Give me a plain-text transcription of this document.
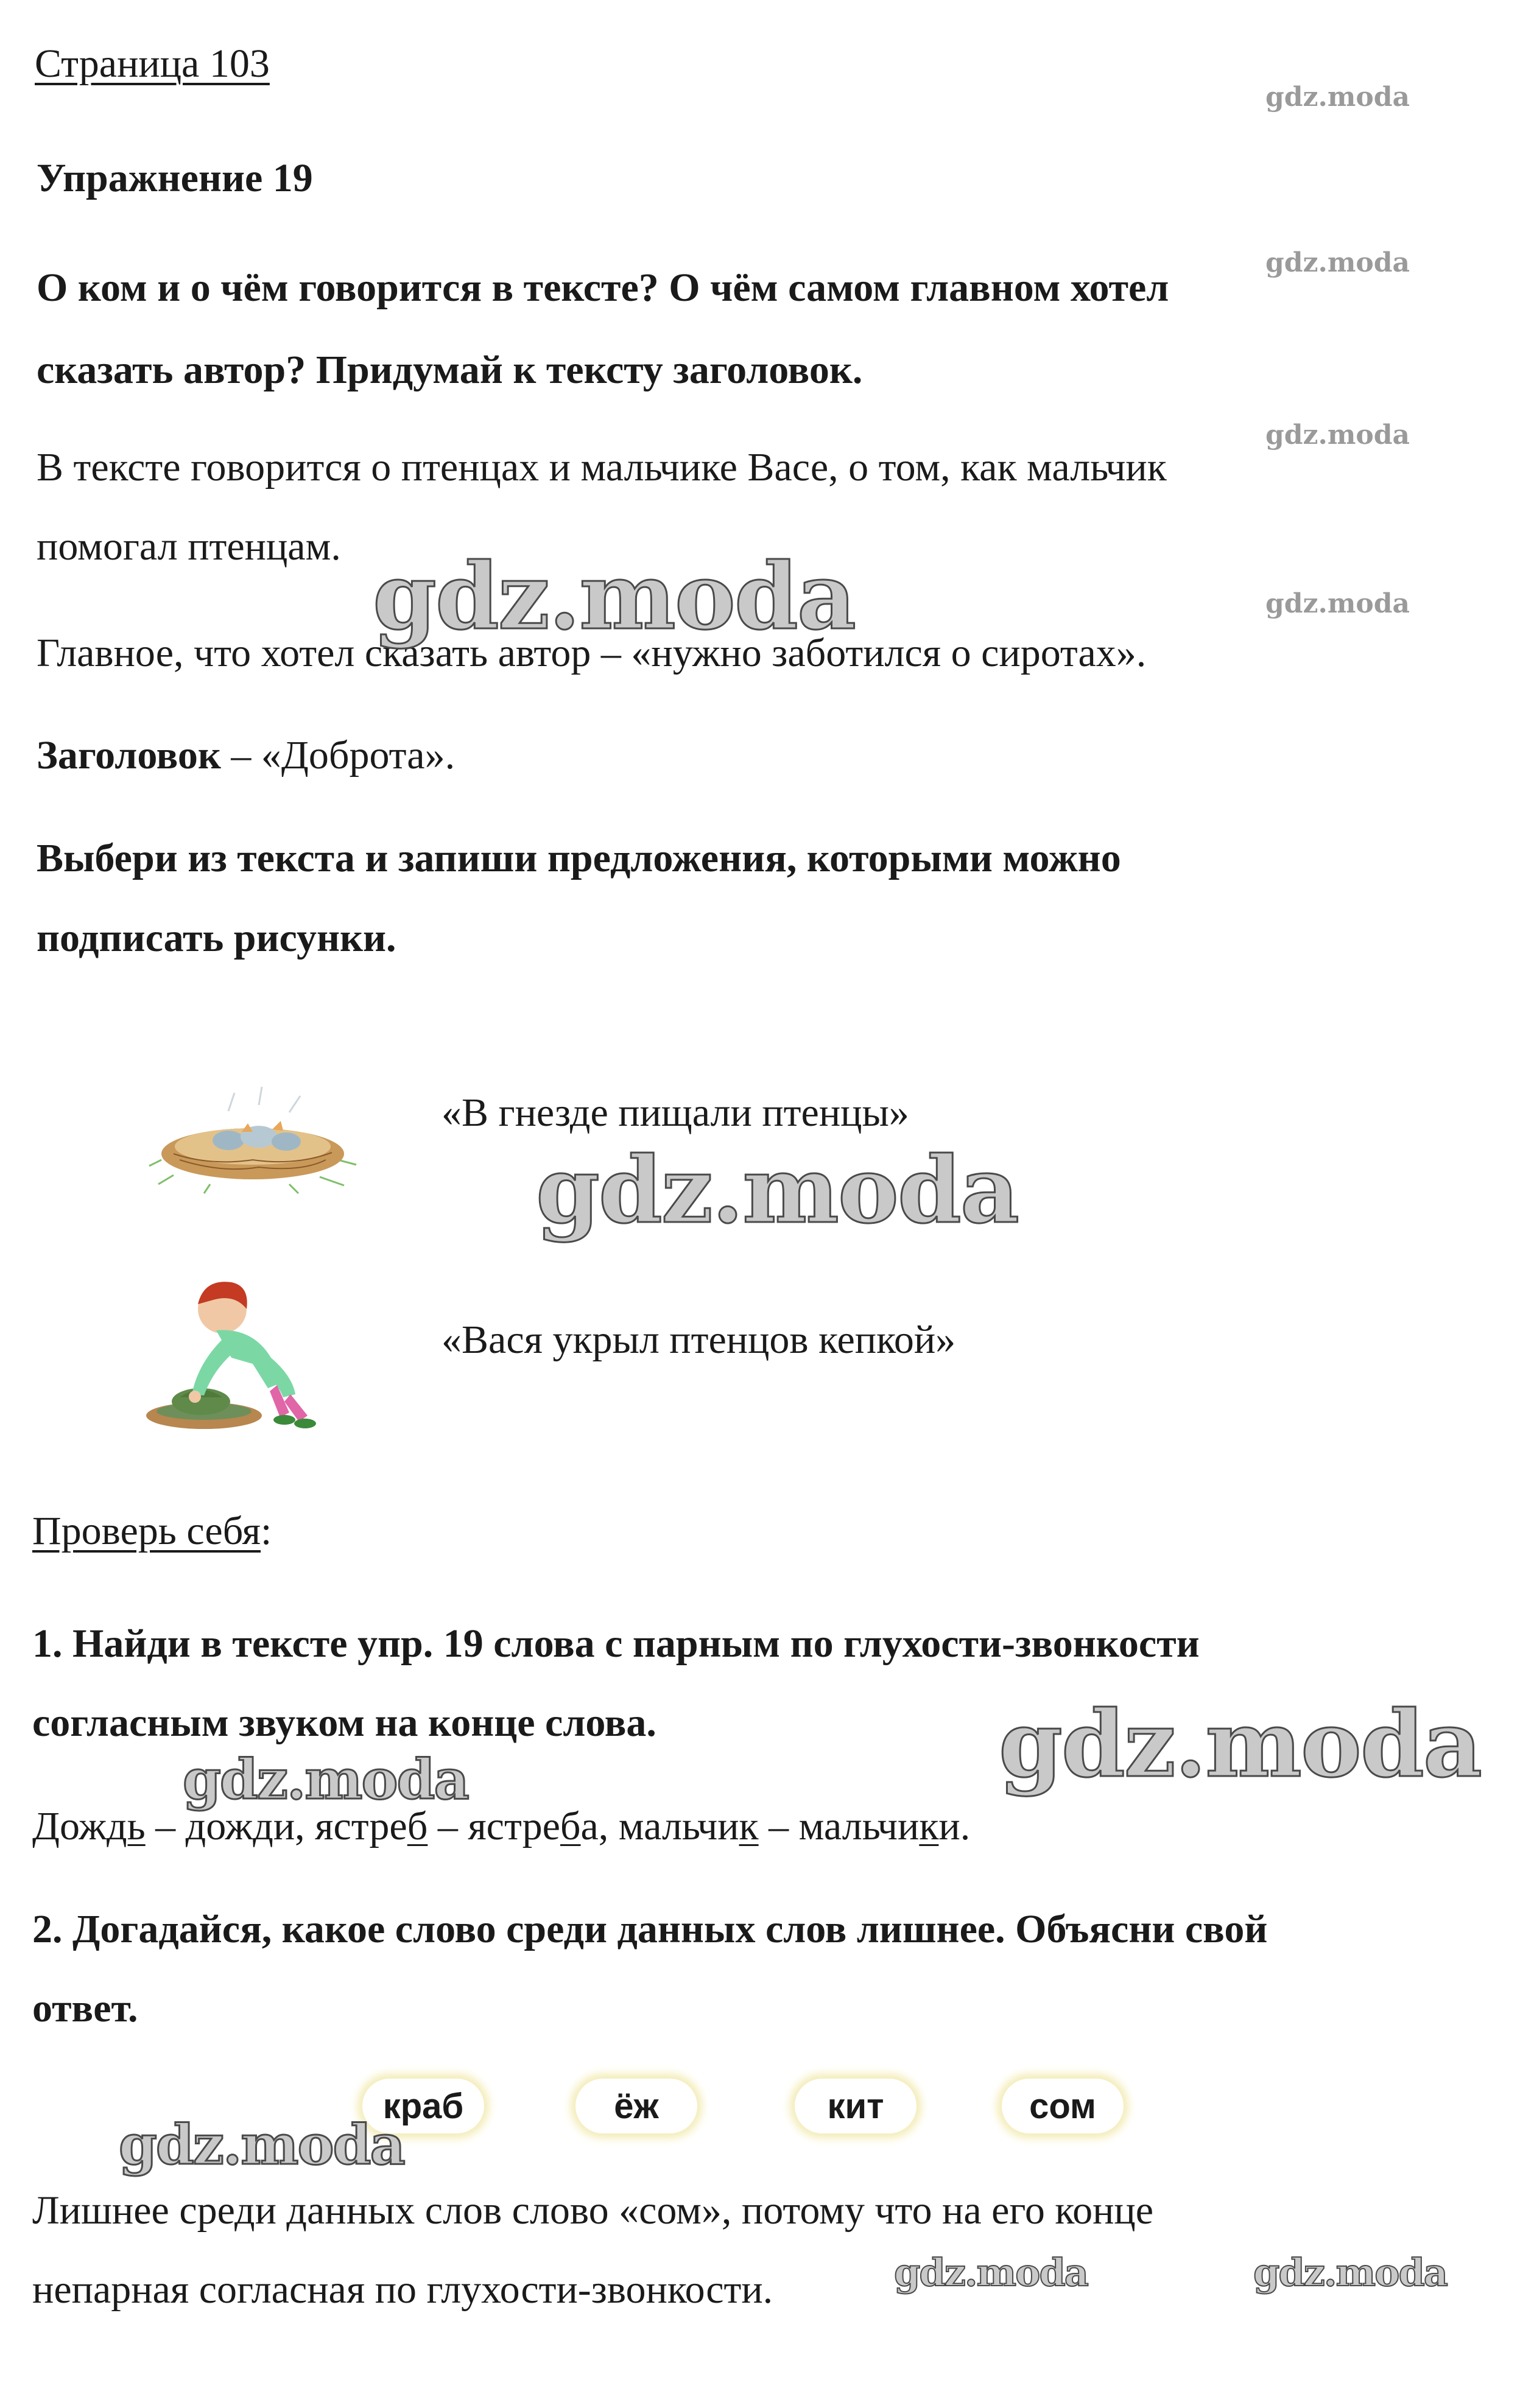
Страница 103
Упражнение 19
О ком и о чём говорится в тексте? О чём самом главном хотел
сказать автор? Придумай к тексту заголовок.
В тексте говорится о птенцах и мальчике Васе, о том, как мальчик
помогал птенцам.
Главное, что хотел сказать автор – «нужно заботился о сиротах».
Заголовок – «Доброта».
Выбери из текста и запиши предложения, которыми можно
подписать рисунки.
«В гнезде пищали птенцы»
«Вася укрыл птенцов кепкой»
Проверь себя:
1. Найди в тексте упр. 19 слова с парным по глухости-звонкости
согласным звуком на конце слова.
Дождь – дожди, ястреб – ястреба, мальчик – мальчики.
2. Догадайся, какое слово среди данных слов лишнее. Объясни свой
ответ.
краб	ёж	кит	сом
Лишнее среди данных слов слово «сом», потому что на его конце
непарная согласная по глухости-звонкости.
gdz.moda
gdz.moda
gdz.moda
gdz.moda
gdz.moda
gdz.moda
gdz.moda
gdz.moda
gdz.moda
gdz.moda	gdz.moda
